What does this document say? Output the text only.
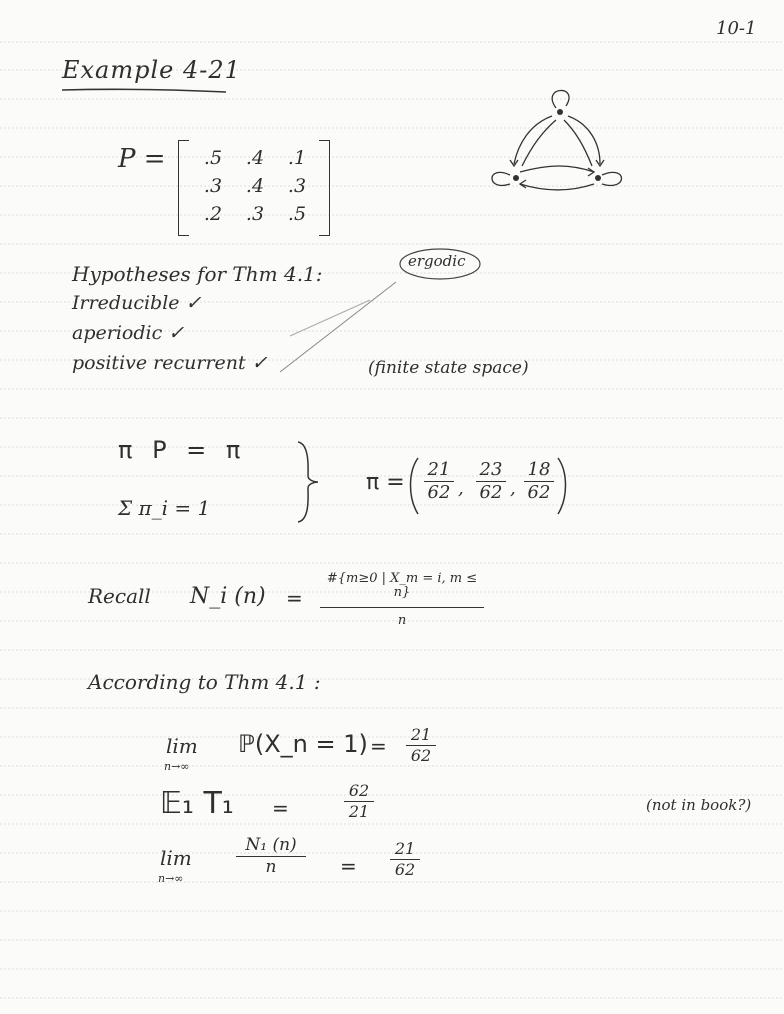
10-1
Example 4-21
P = .5	.4	.1
.3	.4	.3
.2	.3	.5
ergodic
Hypotheses for Thm 4.1:
Irreducible ✓
aperiodic ✓
positive recurrent ✓	(finite state space)
π P = π
Σ π_i = 1
π =
21
62 ,
23
62 ,
18
62
Recall N_i (n) =
#{m≥0 | X_m = i, m ≤ n}
n
According to Thm 4.1 :
lim
n→∞
ℙ(X_n = 1) =	21
62
𝔼₁ T₁ =
62
21	(not in book?)
lim
n→∞
N₁ (n)
n	=
21
62
